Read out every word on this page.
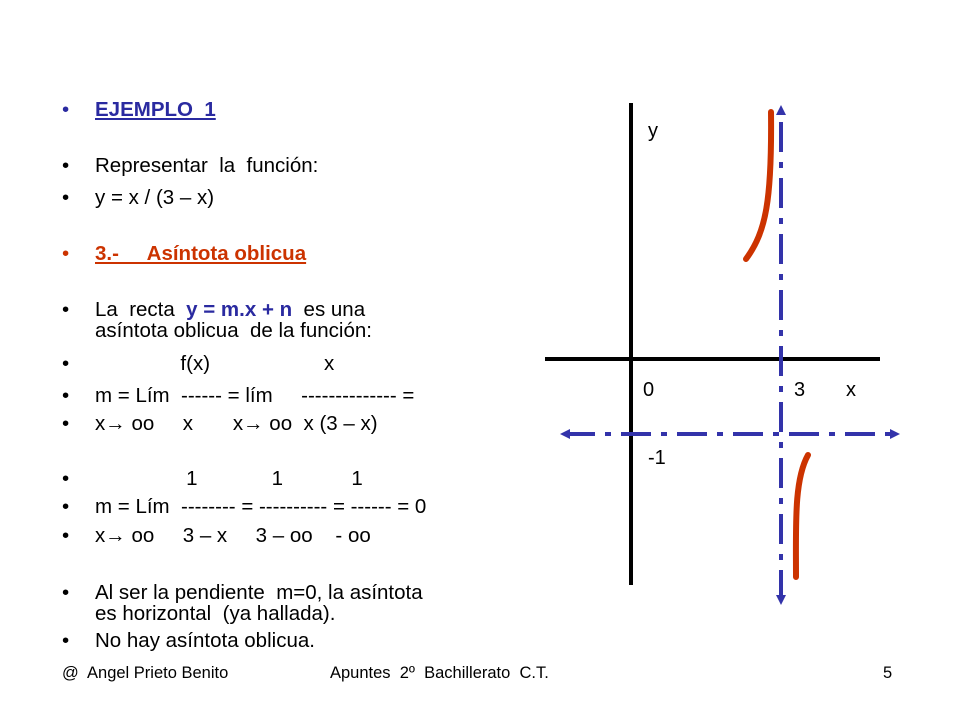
• EJEMPLO  1

• Representar  la  función:

• y = x / (3 – x)

• 3.-     Asíntota oblicua

• La  recta  y = m.x + n  es una

asíntota oblicua  de la función:

•                f(x)                    x

• m = Lím  ------ = lím     -------------- =

• x→ oo     x       x→ oo  x (3 – x)

•                 1             1            1

• m = Lím  -------- = ---------- = ------ = 0

• x→ oo     3 – x     3 – oo    - oo

• Al ser la pendiente  m=0, la asíntota

es horizontal  (ya hallada).

• No hay asíntota oblicua.

y
0	3 x
-1
@  Angel Prieto Benito	Apuntes  2º  Bachillerato  C.T.	5
